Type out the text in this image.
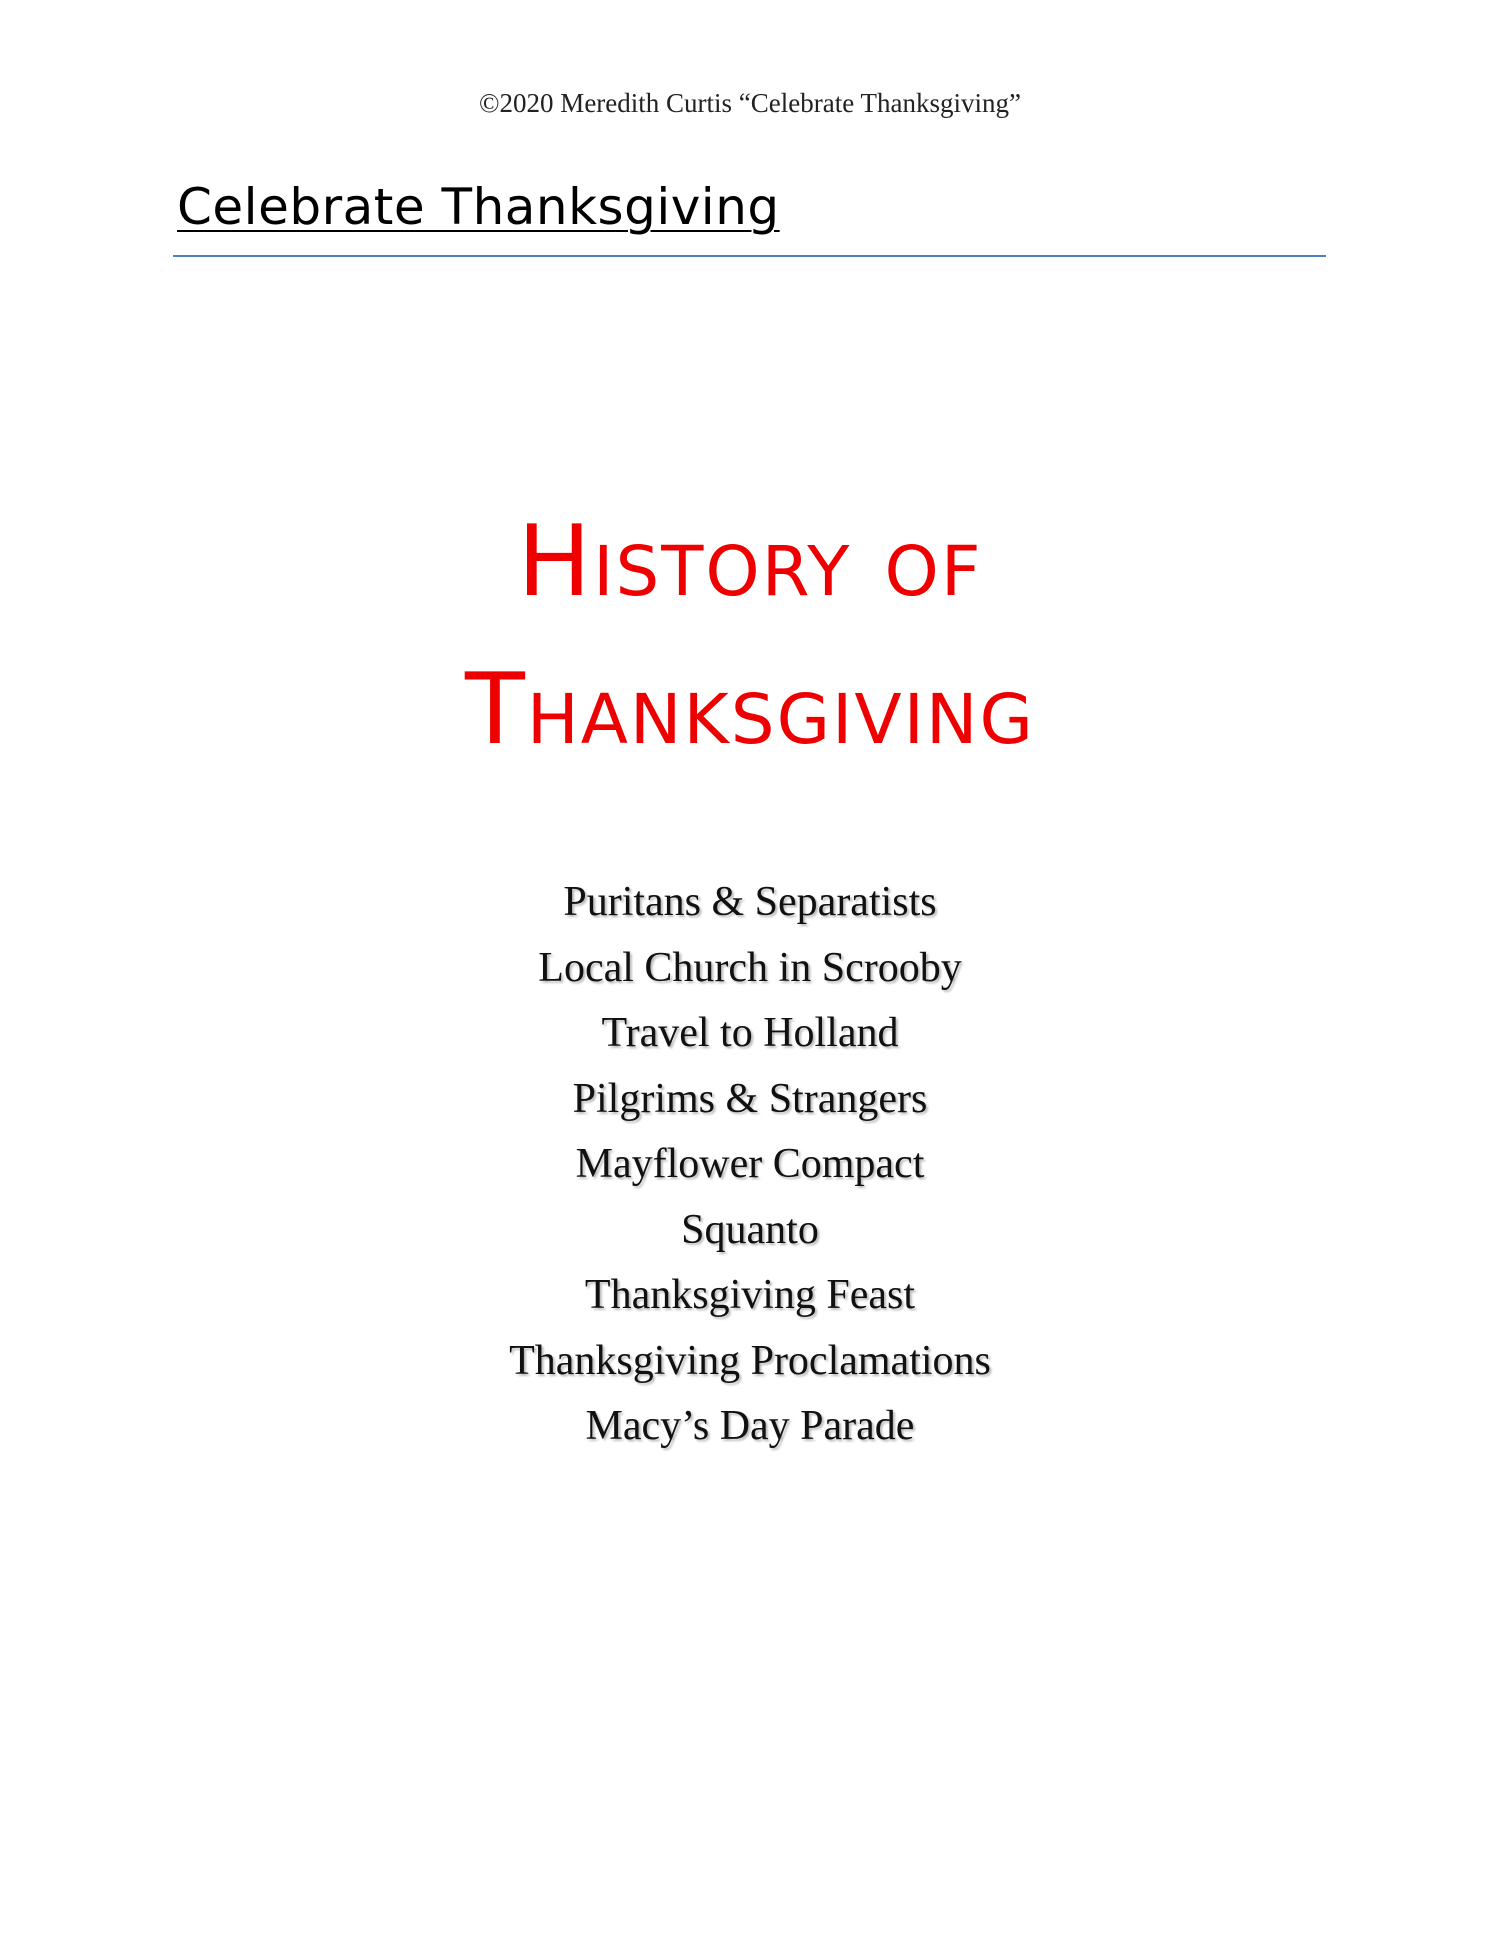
©2020 Meredith Curtis “Celebrate Thanksgiving”
Celebrate Thanksgiving
History of
Thanksgiving
Puritans & Separatists
Local Church in Scrooby
Travel to Holland
Pilgrims & Strangers
Mayflower Compact
Squanto
Thanksgiving Feast
Thanksgiving Proclamations
Macy’s Day Parade
